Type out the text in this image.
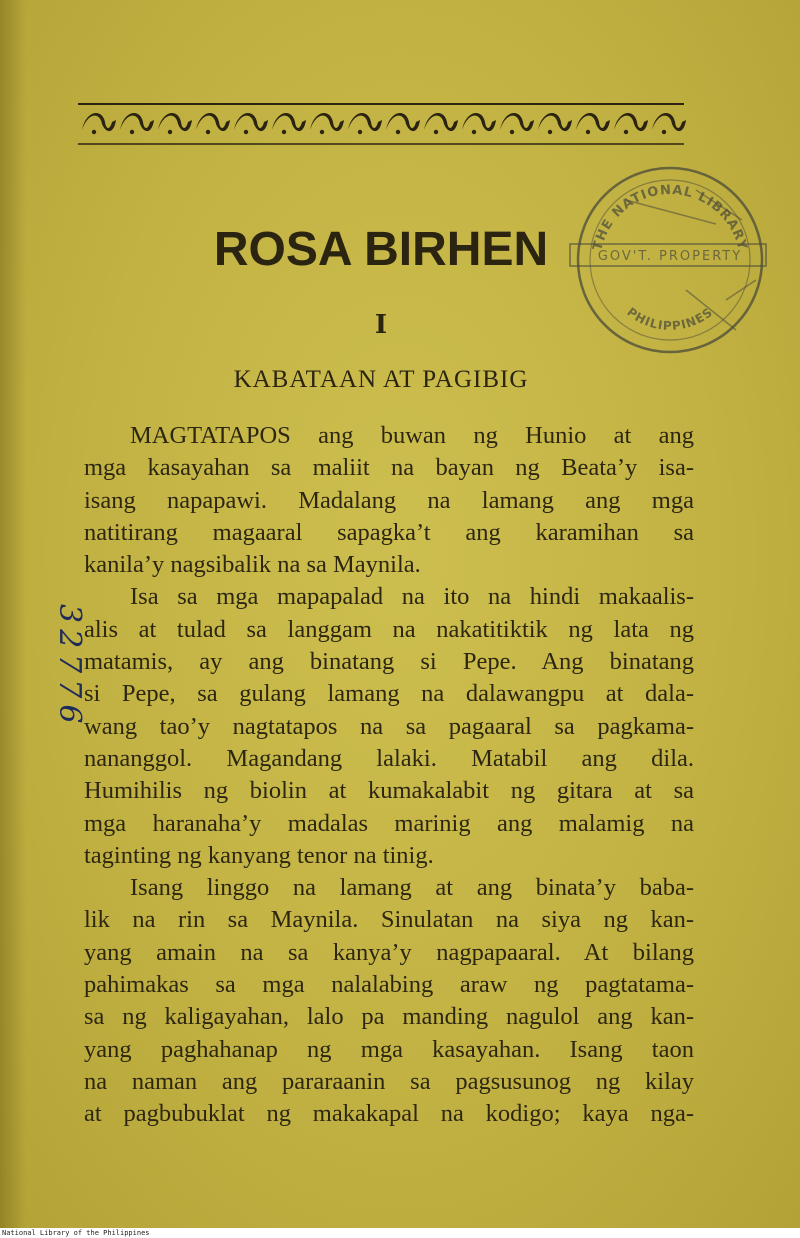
ROSA BIRHEN
I
KABATAAN AT PAGIBIG
MAGTATAPOS ang buwan ng Hunio at ang
mga kasayahan sa maliit na bayan ng Beata’y isa-
isang napapawi. Madalang na lamang ang mga
natitirang magaaral sapagka’t ang karamihan sa
kanila’y nagsibalik na sa Maynila.
Isa sa mga mapapalad na ito na hindi makaalis-
alis at tulad sa langgam na nakatitiktik ng lata ng
matamis, ay ang binatang si Pepe. Ang binatang
si Pepe, sa gulang lamang na dalawangpu at dala-
wang tao’y nagtatapos na sa pagaaral sa pagkama-
nananggol. Magandang lalaki. Matabil ang dila.
Humihilis ng biolin at kumakalabit ng gitara at sa
mga haranaha’y madalas marinig ang malamig na
taginting ng kanyang tenor na tinig.
Isang linggo na lamang at ang binata’y baba-
lik na rin sa Maynila. Sinulatan na siya ng kan-
yang amain na sa kanya’y nagpapaaral. At bilang
pahimakas sa mga nalalabing araw ng pagtatama-
sa ng kaligayahan, lalo pa manding nagulol ang kan-
yang paghahanap ng mga kasayahan. Isang taon
na naman ang pararaanin sa pagsusunog ng kilay
at pagbubuklat ng makakapal na kodigo; kaya nga-
THE NATIONAL LIBRARY
GOV'T. PROPERTY
PHILIPPINES
32776
National Library of the Philippines
